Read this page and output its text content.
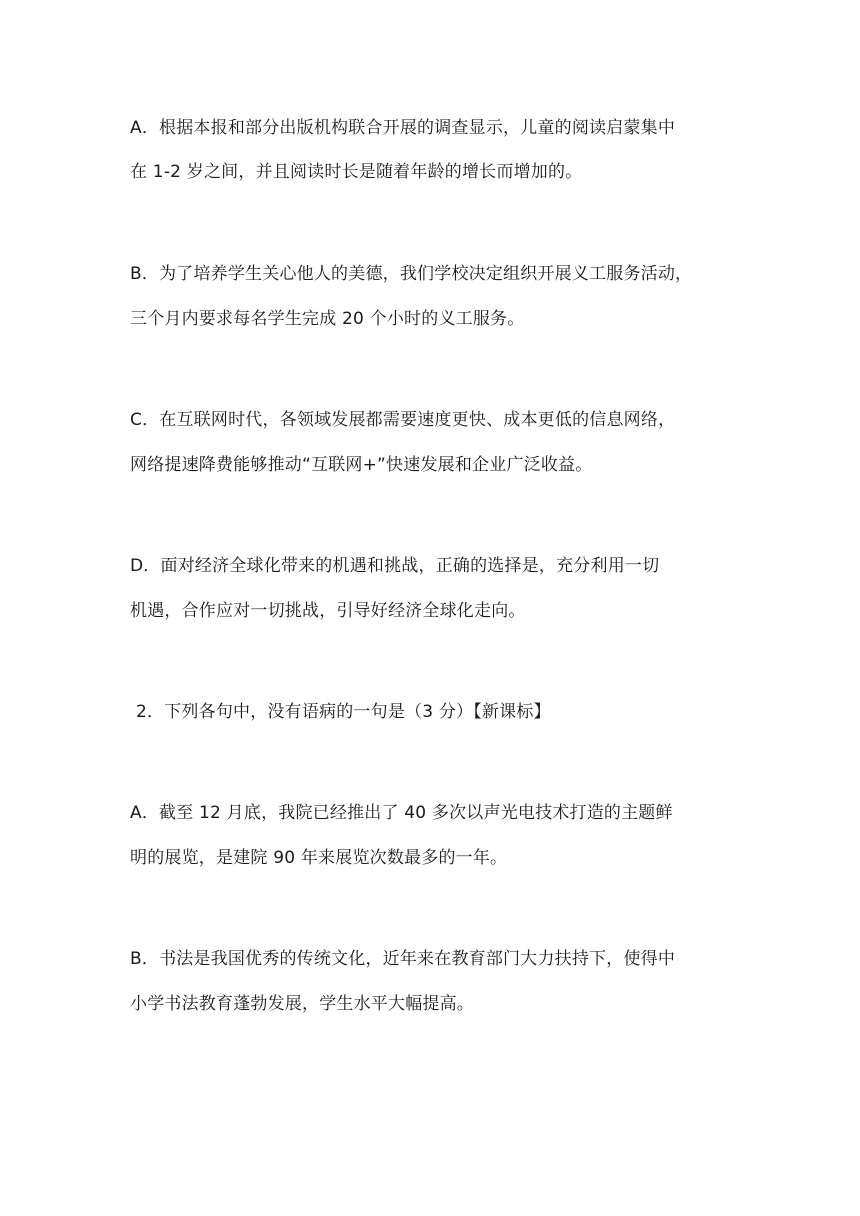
A．根据本报和部分出版机构联合开展的调查显示，儿童的阅读启蒙集中
在 1-2 岁之间，并且阅读时长是随着年龄的增长而增加的。
B．为了培养学生关心他人的美德，我们学校决定组织开展义工服务活动，
三个月内要求每名学生完成 20 个小时的义工服务。
C．在互联网时代，各领域发展都需要速度更快、成本更低的信息网络，
网络提速降费能够推动“互联网+”快速发展和企业广泛收益。
D．面对经济全球化带来的机遇和挑战，正确的选择是，充分利用一切
机遇，合作应对一切挑战，引导好经济全球化走向。
2．下列各句中，没有语病的一句是（3 分）【新课标】
A．截至 12 月底，我院已经推出了 40 多次以声光电技术打造的主题鲜
明的展览，是建院 90 年来展览次数最多的一年。
B．书法是我国优秀的传统文化，近年来在教育部门大力扶持下，使得中
小学书法教育蓬勃发展，学生水平大幅提高。
